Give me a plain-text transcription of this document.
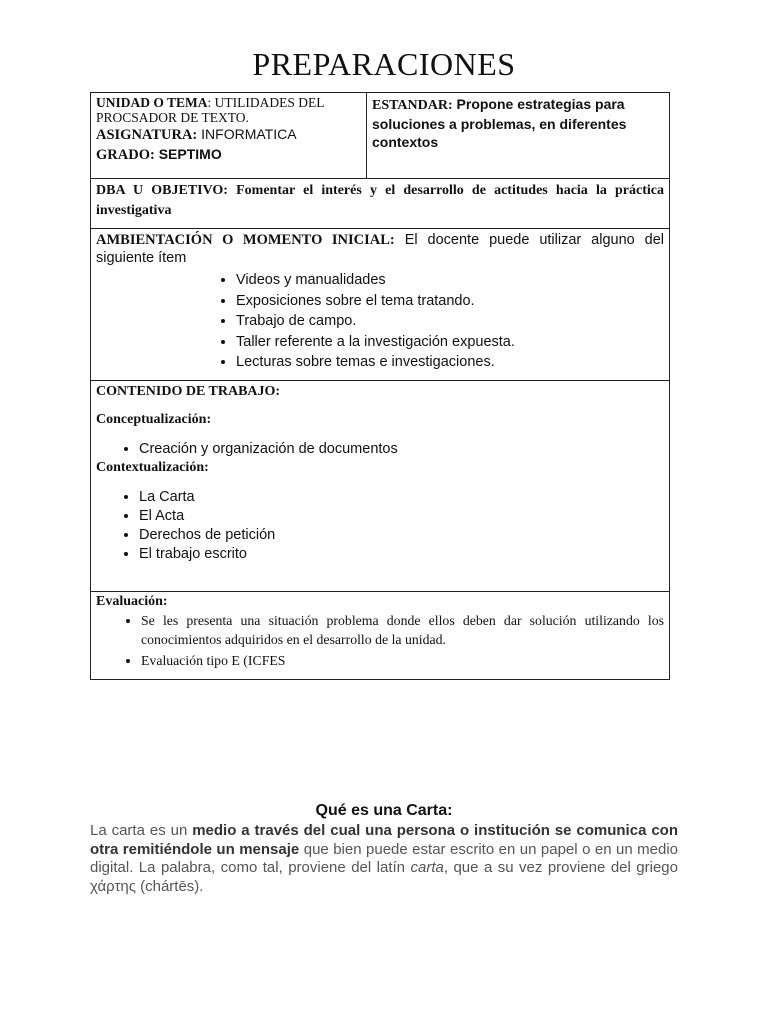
PREPARACIONES
UNIDAD O TEMA: UTILIDADES DEL
PROCSADOR DE TEXTO.
ASIGNATURA: INFORMATICA
GRADO: SEPTIMO
	ESTANDAR: Propone estrategias para soluciones a problemas, en diferentes contextos
DBA U OBJETIVO: Fomentar el interés y el desarrollo de actitudes hacia la práctica investigativa
AMBIENTACIÓN O MOMENTO INICIAL: El docente puede utilizar alguno del siguiente ítem
• Videos y manualidades
• Exposiciones sobre el tema tratando.
• Trabajo de campo.
• Taller referente a la investigación expuesta.
• Lecturas sobre temas e investigaciones.

CONTENIDO DE TRABAJO:
Conceptualización:
• Creación y organización de documentos
Contextualización:
• La Carta
• El Acta
• Derechos de petición
• El trabajo escrito

Evaluación:
• Se les presenta una situación problema donde ellos deben dar solución utilizando los conocimientos adquiridos en el desarrollo de la unidad.
• Evaluación tipo E (ICFES
Qué es una Carta:
La carta es un medio a través del cual una persona o institución se comunica con otra remitiéndole un mensaje que bien puede estar escrito en un papel o en un medio digital. La palabra, como tal, proviene del latín carta, que a su vez proviene del griego χάρτης (chártēs).
